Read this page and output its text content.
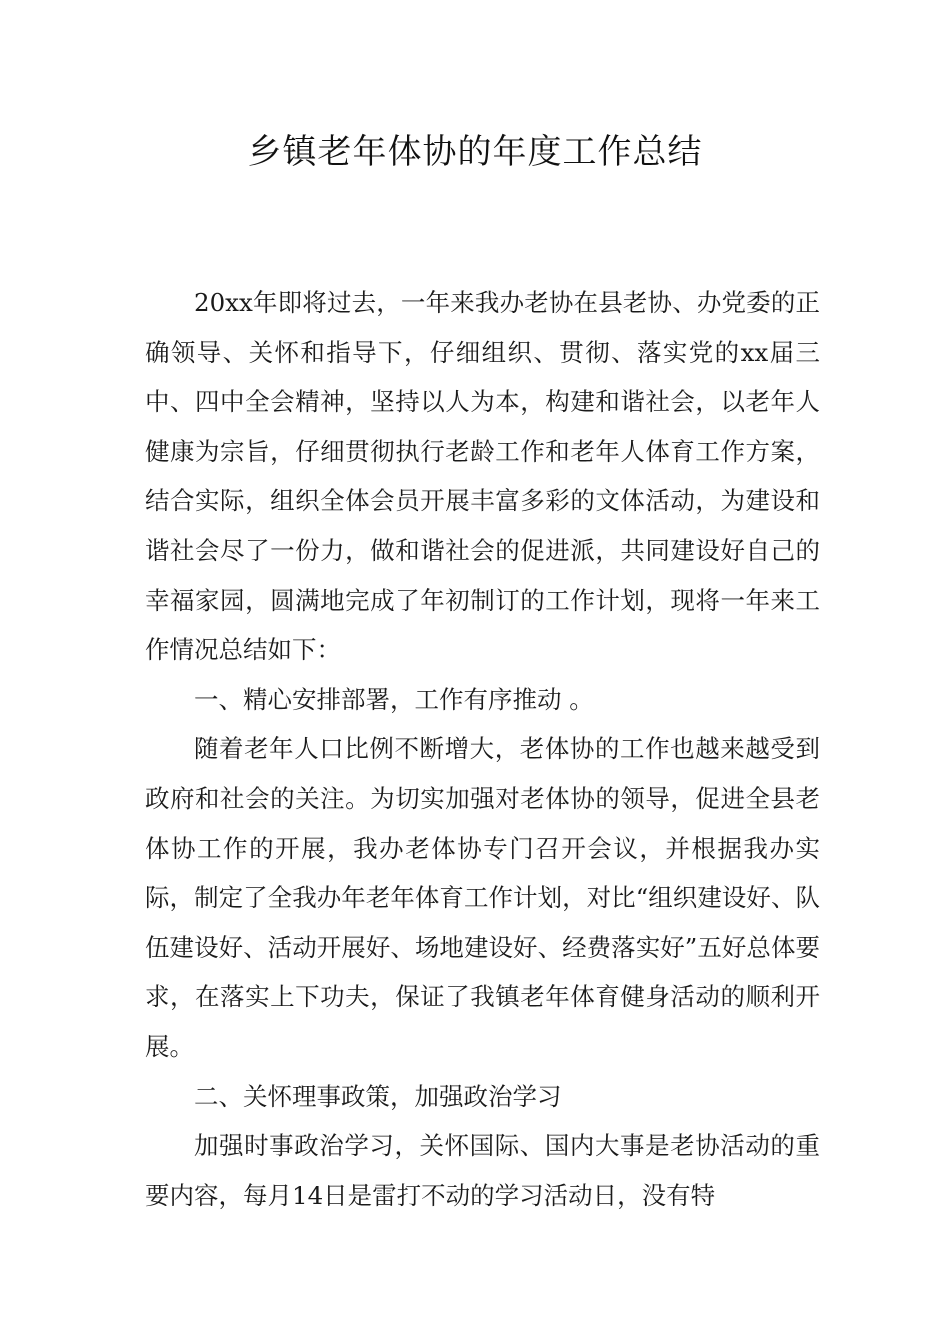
乡镇老年体协的年度工作总结

20xx年即将过去，一年来我办老协在县老协、办党委的正确领导、关怀和指导下，仔细组织、贯彻、落实党的xx届三中、四中全会精神，坚持以人为本，构建和谐社会，以老年人健康为宗旨，仔细贯彻执行老龄工作和老年人体育工作方案，结合实际，组织全体会员开展丰富多彩的文体活动，为建设和谐社会尽了一份力，做和谐社会的促进派，共同建设好自己的幸福家园，圆满地完成了年初制订的工作计划，现将一年来工作情况总结如下：

一、精心安排部署，工作有序推动 。

随着老年人口比例不断增大，老体协的工作也越来越受到政府和社会的关注。为切实加强对老体协的领导，促进全县老体协工作的开展，我办老体协专门召开会议，并根据我办实际，制定了全我办年老年体育工作计划，对比“组织建设好、队伍建设好、活动开展好、场地建设好、经费落实好”五好总体要求，在落实上下功夫，保证了我镇老年体育健身活动的顺利开展。

二、关怀理事政策，加强政治学习

加强时事政治学习，关怀国际、国内大事是老协活动的重要内容，每月14日是雷打不动的学习活动日，没有特
